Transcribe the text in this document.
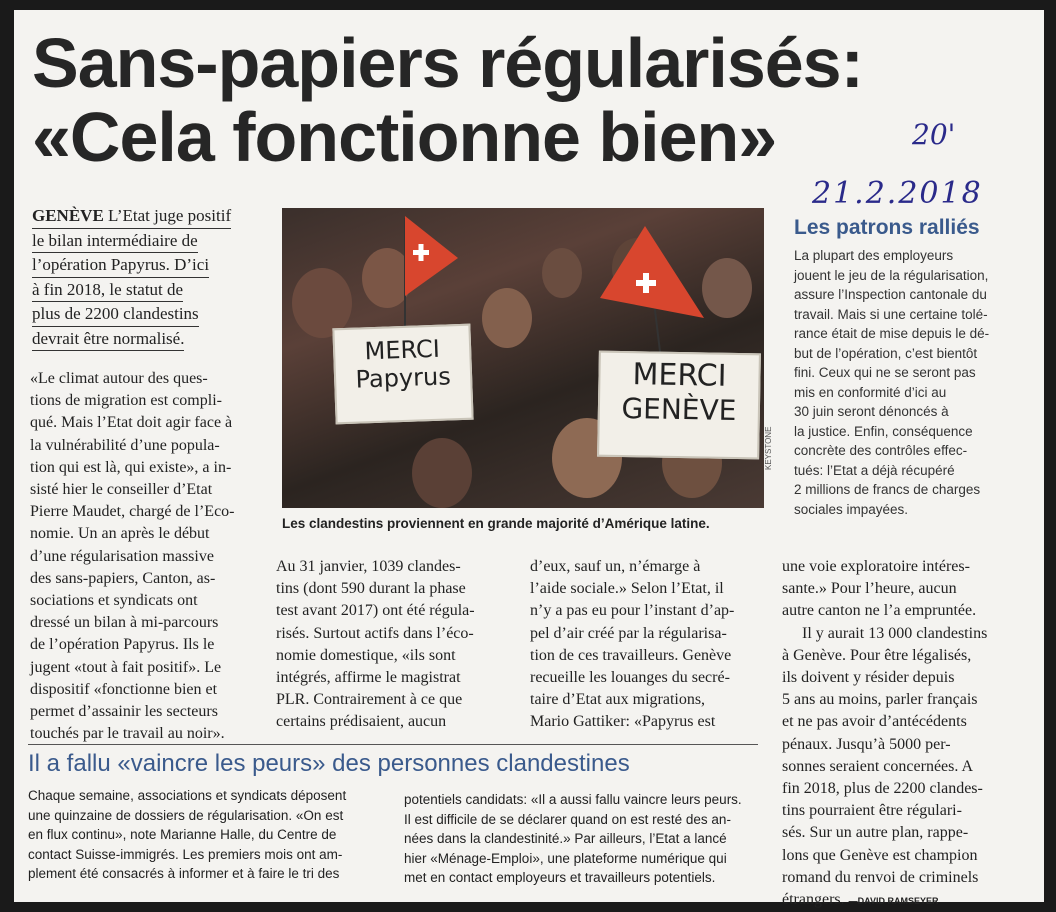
Sans-papiers régularisés:
«Cela fonctionne bien»	20'
21.2.2018
GENÈVE L’Etat juge positif
le bilan intermédiaire de
l’opération Papyrus. D’ici
à fin 2018, le statut de
plus de 2200 clandestins
devrait être normalisé.
«Le climat autour des ques-
tions de migration est compli-
qué. Mais l’Etat doit agir face à
la vulnérabilité d’une popula-
tion qui est là, qui existe», a in-
sisté hier le conseiller d’Etat
Pierre Maudet, chargé de l’Eco-
nomie. Un an après le début
d’une régularisation massive
des sans-papiers, Canton, as-
sociations et syndicats ont
dressé un bilan à mi-parcours
de l’opération Papyrus. Ils le
jugent «tout à fait positif». Le
dispositif «fonctionne bien et
permet d’assainir les secteurs
touchés par le travail au noir».
MERCI
Papyrus	MERCI
GENÈVE
KEYSTONE
Les clandestins proviennent en grande majorité d’Amérique latine.
Les patrons ralliés
La plupart des employeurs
jouent le jeu de la régularisation,
assure l’Inspection cantonale du
travail. Mais si une certaine tolé-
rance était de mise depuis le dé-
but de l’opération, c’est bientôt
fini. Ceux qui ne se seront pas
mis en conformité d’ici au
30 juin seront dénoncés à
la justice. Enfin, conséquence
concrète des contrôles effec-
tués: l’Etat a déjà récupéré
2 millions de francs de charges
sociales impayées.
Au 31 janvier, 1039 clandes-
tins (dont 590 durant la phase
test avant 2017) ont été régula-
risés. Surtout actifs dans l’éco-
nomie domestique, «ils sont
intégrés, affirme le magistrat
PLR. Contrairement à ce que
certains prédisaient, aucun
d’eux, sauf un, n’émarge à
l’aide sociale.» Selon l’Etat, il
n’y a pas eu pour l’instant d’ap-
pel d’air créé par la régularisa-
tion de ces travailleurs. Genève
recueille les louanges du secré-
taire d’Etat aux migrations,
Mario Gattiker: «Papyrus est
une voie exploratoire intéres-
sante.» Pour l’heure, aucun
autre canton ne l’a empruntée.
Il y aurait 13 000 clandestins
à Genève. Pour être légalisés,
ils doivent y résider depuis
5 ans au moins, parler français
et ne pas avoir d’antécédents
pénaux. Jusqu’à 5000 per-
sonnes seraient concernées. A
fin 2018, plus de 2200 clandes-
tins pourraient être régulari-
sés. Sur un autre plan, rappe-
lons que Genève est champion
romand du renvoi de criminels
étrangers. —DAVID RAMSEYER
Il a fallu «vaincre les peurs» des personnes clandestines
Chaque semaine, associations et syndicats déposent
une quinzaine de dossiers de régularisation. «On est
en flux continu», note Marianne Halle, du Centre de
contact Suisse-immigrés. Les premiers mois ont am-
plement été consacrés à informer et à faire le tri des
potentiels candidats: «Il a aussi fallu vaincre leurs peurs.
Il est difficile de se déclarer quand on est resté des an-
nées dans la clandestinité.» Par ailleurs, l’Etat a lancé
hier «Ménage-Emploi», une plateforme numérique qui
met en contact employeurs et travailleurs potentiels.
